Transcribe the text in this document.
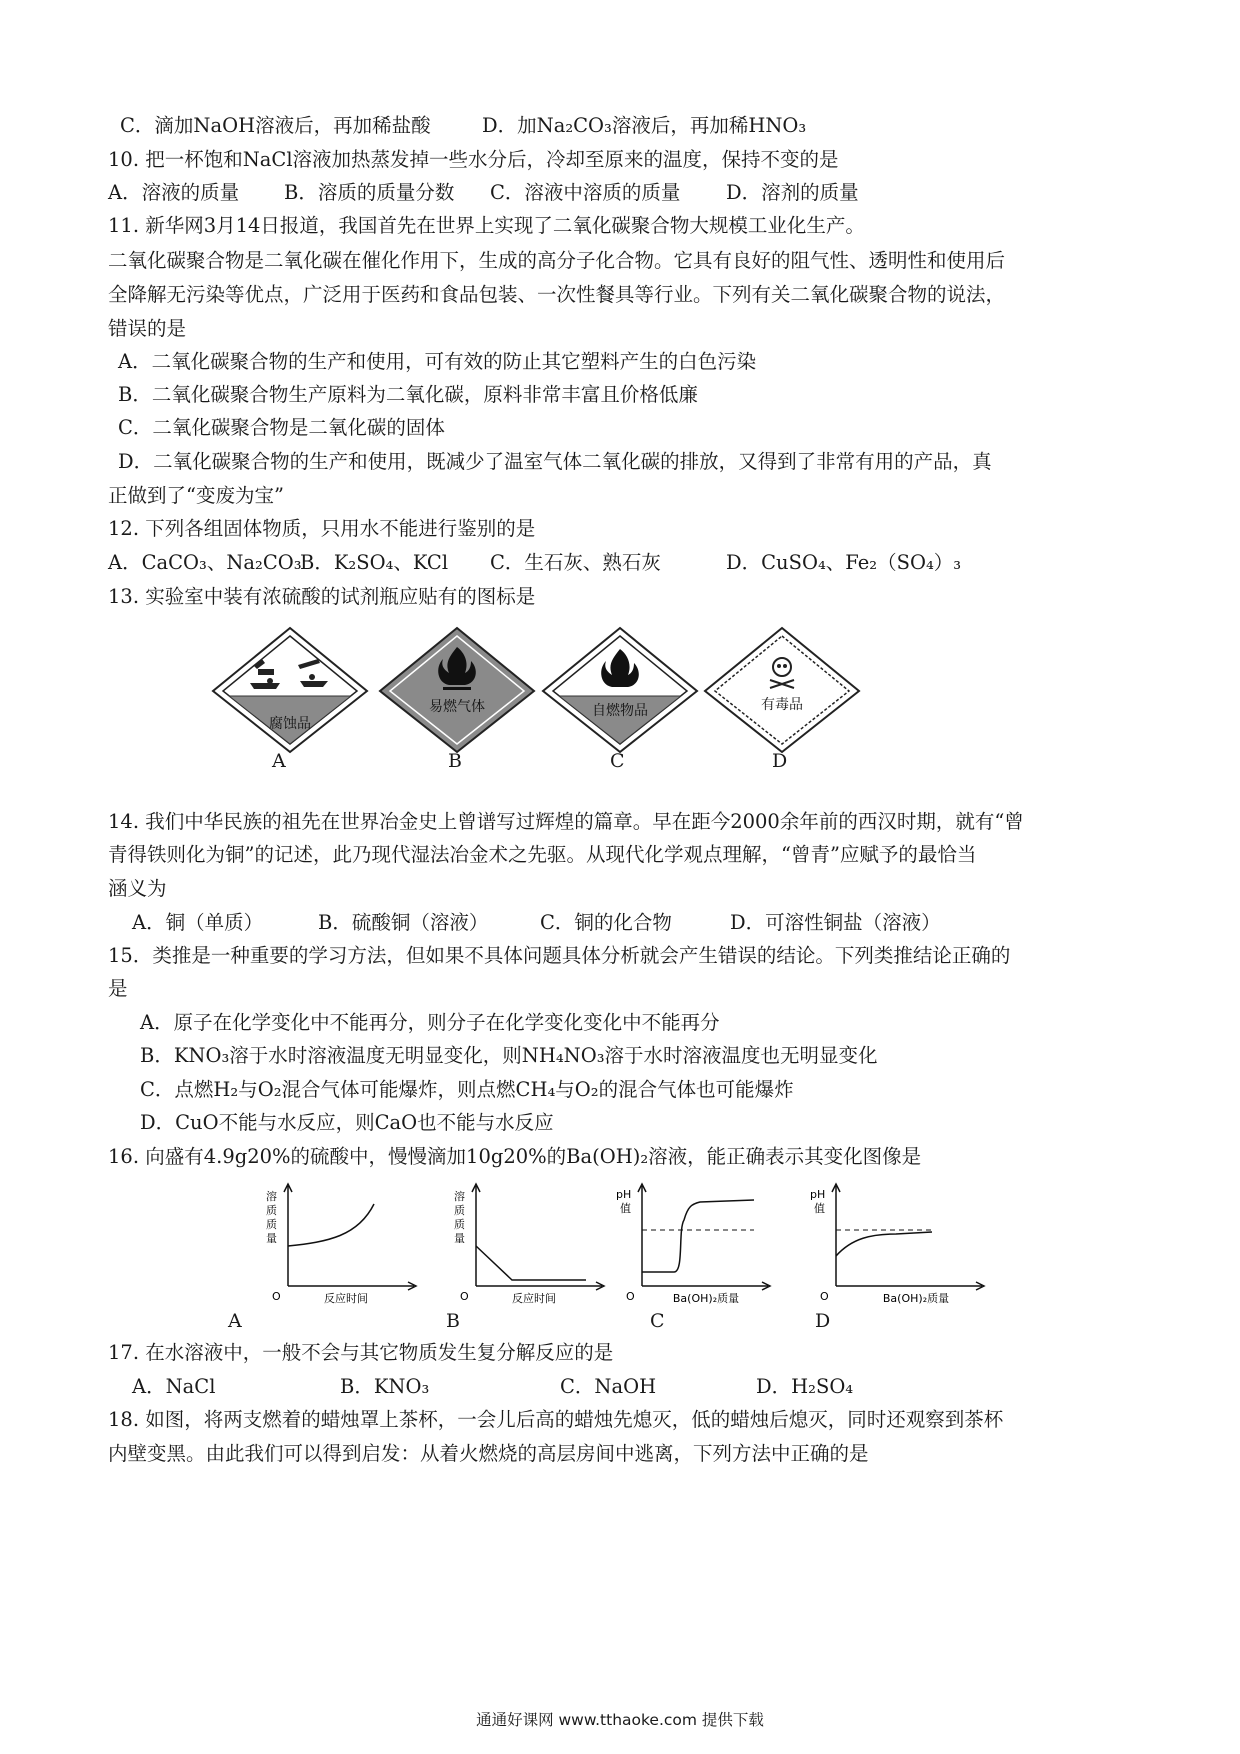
C．滴加NaOH溶液后，再加稀盐酸	D．加Na₂CO₃溶液后，再加稀HNO₃
10. 把一杯饱和NaCl溶液加热蒸发掉一些水分后，冷却至原来的温度，保持不变的是
A．溶液的质量 B．溶质的质量分数 C．溶液中溶质的质量 D．溶剂的质量
11. 新华网3月14日报道，我国首先在世界上实现了二氧化碳聚合物大规模工业化生产。
二氧化碳聚合物是二氧化碳在催化作用下，生成的高分子化合物。它具有良好的阻气性、透明性和使用后
全降解无污染等优点，广泛用于医药和食品包装、一次性餐具等行业。下列有关二氧化碳聚合物的说法，
错误的是
A．二氧化碳聚合物的生产和使用，可有效的防止其它塑料产生的白色污染
B．二氧化碳聚合物生产原料为二氧化碳，原料非常丰富且价格低廉
C．二氧化碳聚合物是二氧化碳的固体
D．二氧化碳聚合物的生产和使用，既减少了温室气体二氧化碳的排放，又得到了非常有用的产品，真
正做到了“变废为宝”
12. 下列各组固体物质，只用水不能进行鉴别的是
A．CaCO₃、Na₂CO₃
B．K₂SO₄、KCl C．生石灰、熟石灰	D．CuSO₄、Fe₂（SO₄）₃
13. 实验室中装有浓硫酸的试剂瓶应贴有的图标是
腐蚀品
A
易燃气体
B
自燃物品
C
有毒品
D
14. 我们中华民族的祖先在世界冶金史上曾谱写过辉煌的篇章。早在距今2000余年前的西汉时期，就有“曾
青得铁则化为铜”的记述，此乃现代湿法冶金术之先驱。从现代化学观点理解，“曾青”应赋予的最恰当
涵义为
A．铜（单质）	B．硫酸铜（溶液）	C．铜的化合物	D．可溶性铜盐（溶液）
15．类推是一种重要的学习方法，但如果不具体问题具体分析就会产生错误的结论。下列类推结论正确的
是
A．原子在化学变化中不能再分，则分子在化学变化变化中不能再分
B．KNO₃溶于水时溶液温度无明显变化，则NH₄NO₃溶于水时溶液温度也无明显变化
C．点燃H₂与O₂混合气体可能爆炸，则点燃CH₄与O₂的混合气体也可能爆炸
D．CuO不能与水反应，则CaO也不能与水反应
16. 向盛有4.9g20%的硫酸中，慢慢滴加10g20%的Ba(OH)₂溶液，能正确表示其变化图像是
溶质质量
O	反应时间
A
溶质质量
O	反应时间
B
pH
值
O	Ba(OH)₂质量
C
pH
值
O	Ba(OH)₂质量
D
17. 在水溶液中，一般不会与其它物质发生复分解反应的是
A．NaCl	B．KNO₃	C．NaOH	D．H₂SO₄
18. 如图，将两支燃着的蜡烛罩上茶杯，一会儿后高的蜡烛先熄灭，低的蜡烛后熄灭，同时还观察到茶杯
内壁变黑。由此我们可以得到启发：从着火燃烧的高层房间中逃离，下列方法中正确的是
通通好课网 www.tthaoke.com 提供下载
